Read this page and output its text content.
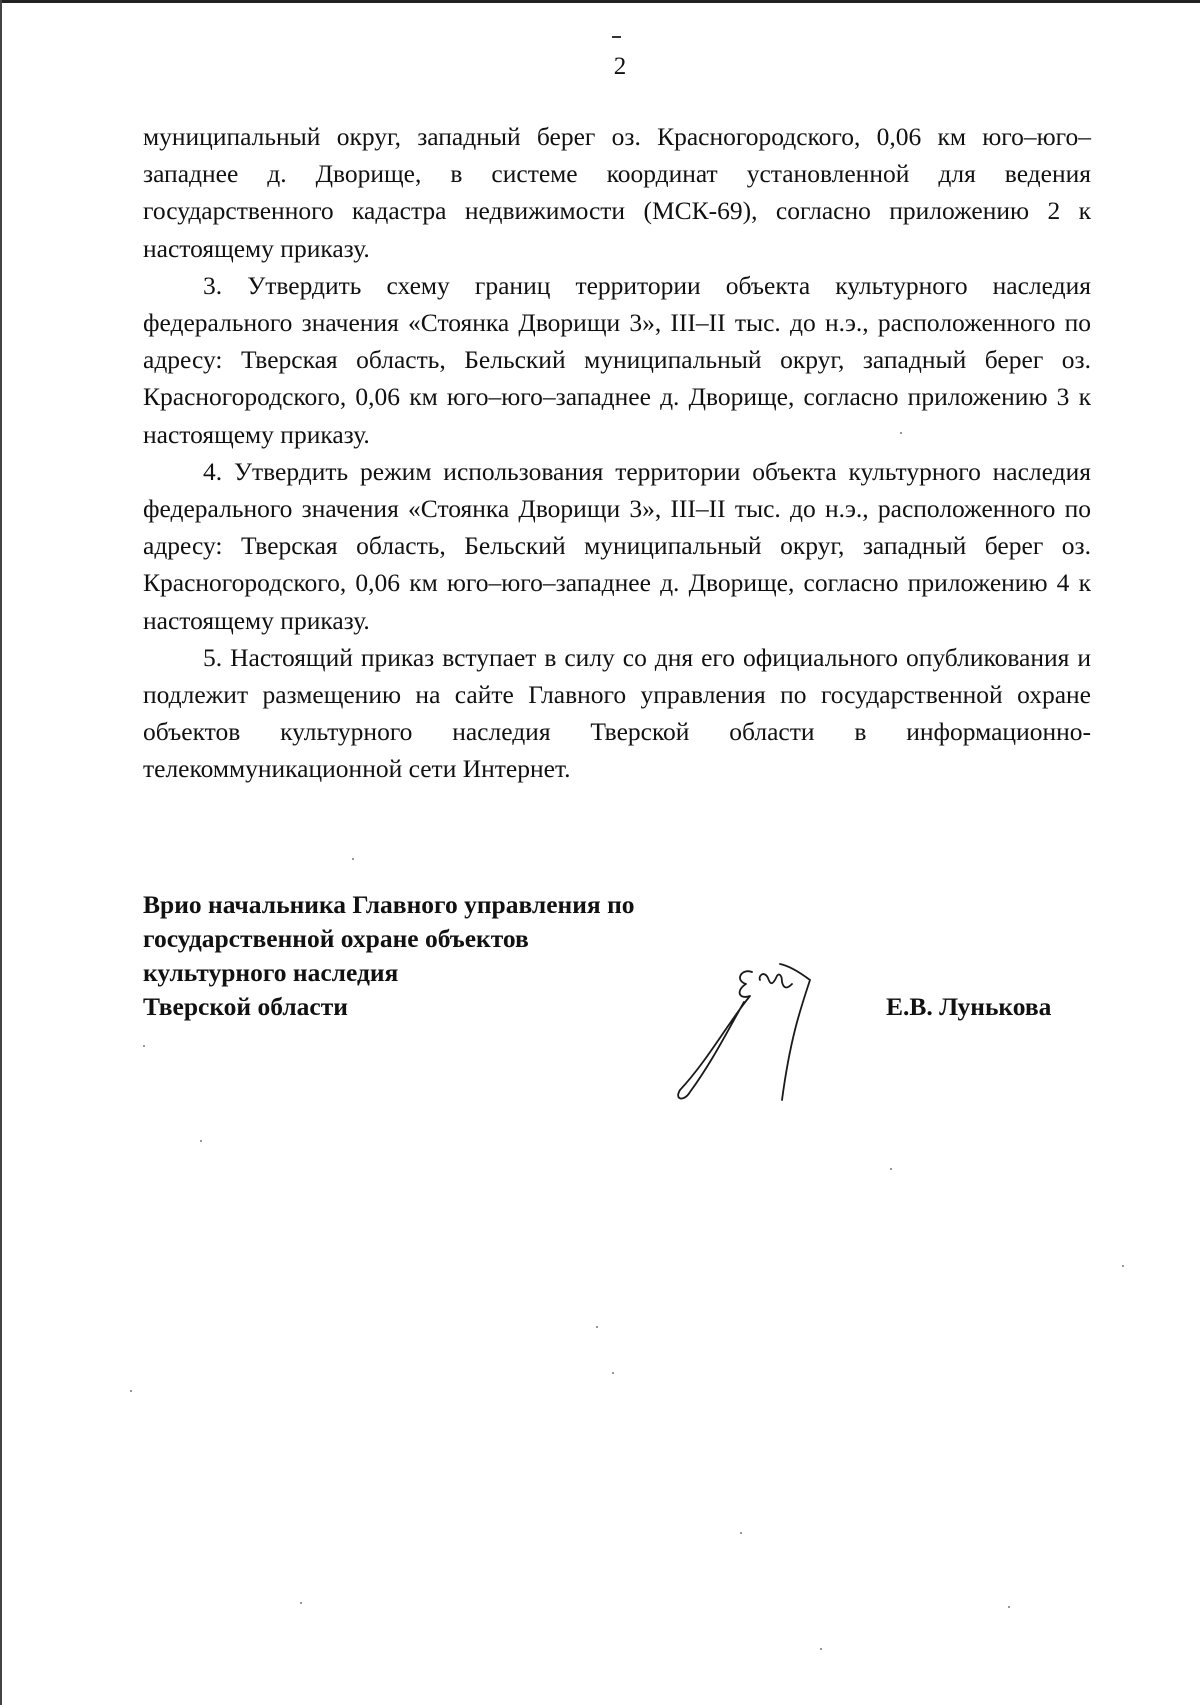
2

муниципальный округ, западный берег оз. Красногородского, 0,06 км юго–юго–западнее д. Дворище, в системе координат установленной для ведения государственного кадастра недвижимости (МСК-69), согласно приложению 2 к настоящему приказу.

3. Утвердить схему границ территории объекта культурного наследия федерального значения «Стоянка Дворищи 3», III–II тыс. до н.э., расположенного по адресу: Тверская область, Бельский муниципальный округ, западный берег оз. Красногородского, 0,06 км юго–юго–западнее д. Дворище, согласно приложению 3 к настоящему приказу.

4. Утвердить режим использования территории объекта культурного наследия федерального значения «Стоянка Дворищи 3», III–II тыс. до н.э., расположенного по адресу: Тверская область, Бельский муниципальный округ, западный берег оз. Красногородского, 0,06 км юго–юго–западнее д. Дворище, согласно приложению 4 к настоящему приказу.

5. Настоящий приказ вступает в силу со дня его официального опубликования и подлежит размещению на сайте Главного управления по государственной охране объектов культурного наследия Тверской области в информационно-телекоммуникационной сети Интернет.

Врио начальника Главного управления по
государственной охране объектов
культурного наследия
Тверской области	Е.В. Лунькова
